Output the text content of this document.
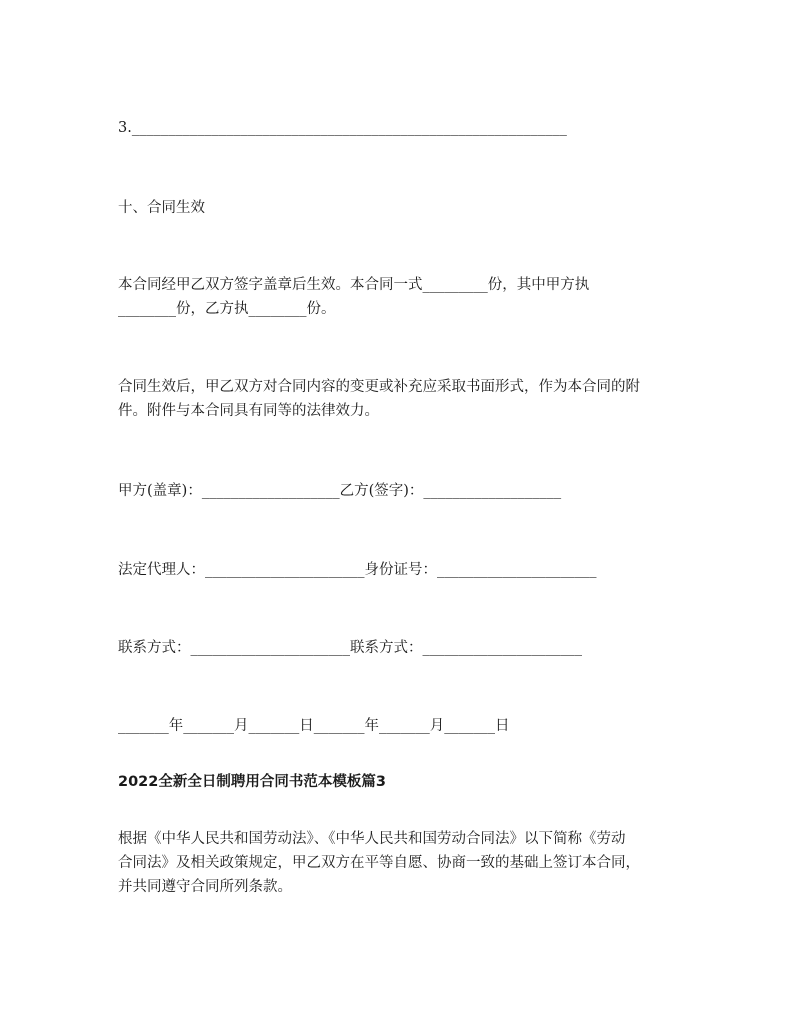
3.____________________________________________________________

十、合同生效

本合同经甲乙双方签字盖章后生效。本合同一式_________份，其中甲方执

________份，乙方执________份。

合同生效后，甲乙双方对合同内容的变更或补充应采取书面形式，作为本合同的附

件。附件与本合同具有同等的法律效力。

甲方(盖章)：___________________乙方(签字)：___________________

法定代理人：______________________身份证号：______________________

联系方式：______________________联系方式：______________________

_______年_______月_______日_______年_______月_______日

2022全新全日制聘用合同书范本模板篇3

根据《中华人民共和国劳动法》、《中华人民共和国劳动合同法》以下简称《劳动

合同法》及相关政策规定，甲乙双方在平等自愿、协商一致的基础上签订本合同，

并共同遵守合同所列条款。
